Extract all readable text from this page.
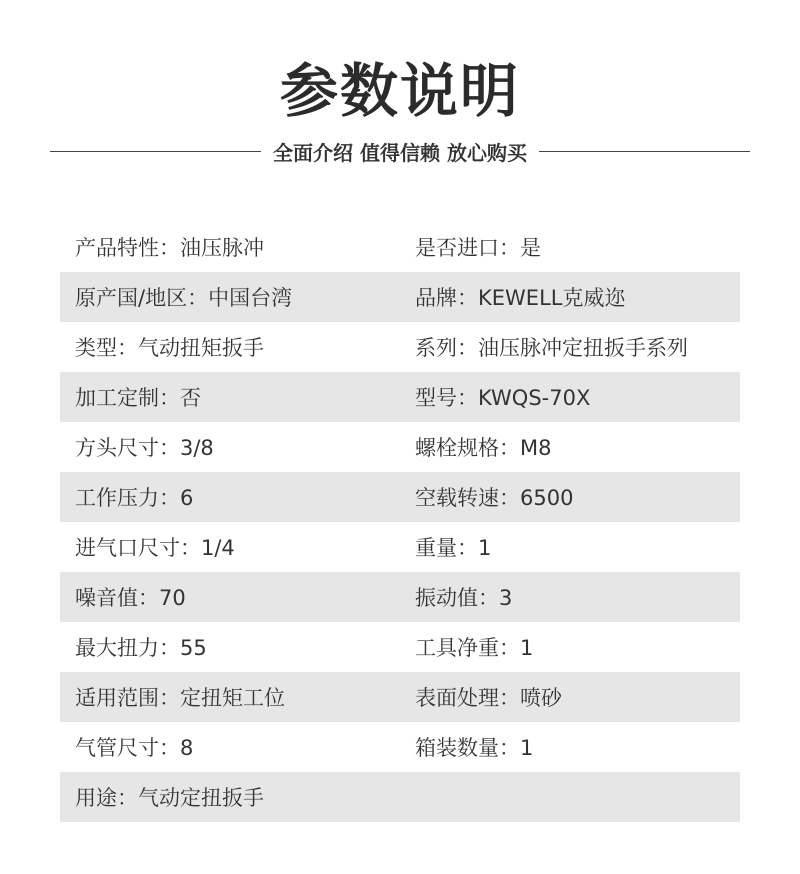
参数说明
全面介绍 值得信赖 放心购买
产品特性：油压脉冲	是否进口：是
原产国/地区：中国台湾	品牌：KEWELL克威迩
类型：气动扭矩扳手	系列：油压脉冲定扭扳手系列
加工定制：否	型号：KWQS-70X
方头尺寸：3/8	螺栓规格：M8
工作压力：6	空载转速：6500
进气口尺寸：1/4	重量：1
噪音值：70	振动值：3
最大扭力：55	工具净重：1
适用范围：定扭矩工位	表面处理：喷砂
气管尺寸：8	箱装数量：1
用途：气动定扭扳手
